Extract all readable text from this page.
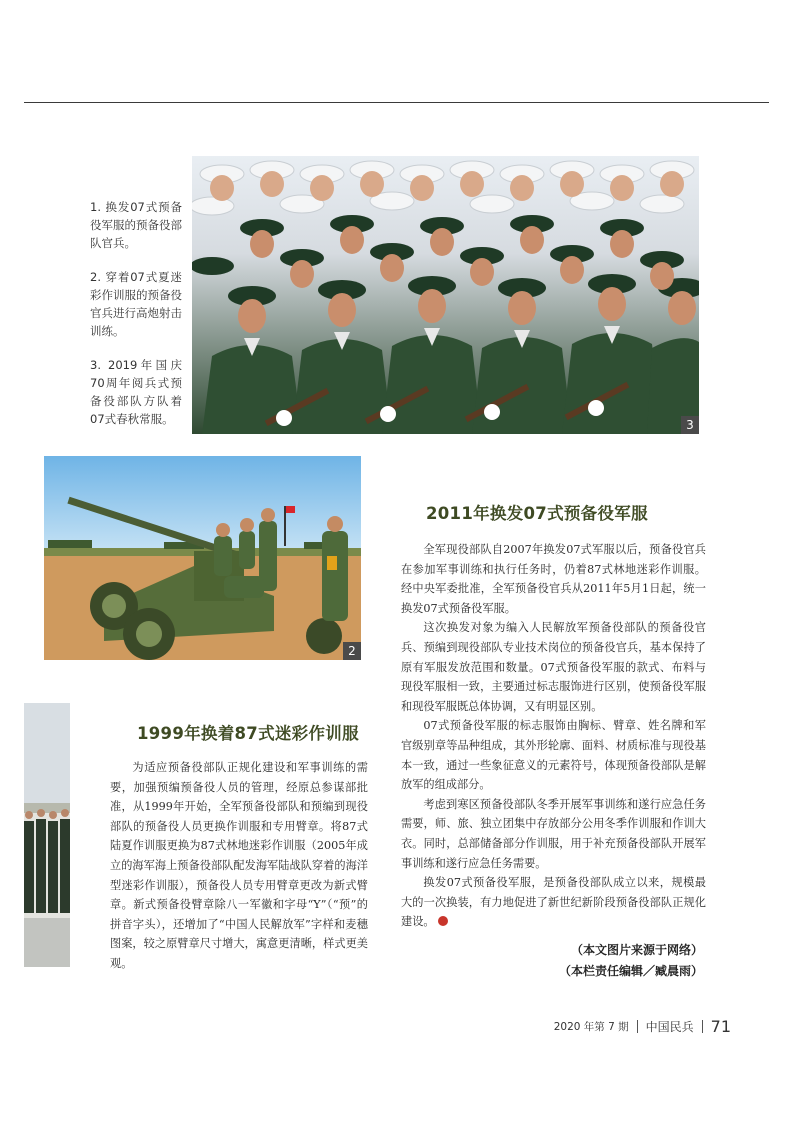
3

1. 换发07式预备役军服的预备役部队官兵。

2. 穿着07式夏迷彩作训服的预备役官兵进行高炮射击训练。

3. 2019年国庆70周年阅兵式预备役部队方队着07式春秋常服。

2
2011年换发07式预备役军服

全军现役部队自2007年换发07式军服以后，预备役官兵在参加军事训练和执行任务时，仍着87式林地迷彩作训服。经中央军委批准，全军预备役官兵从2011年5月1日起，统一换发07式预备役军服。

这次换发对象为编入人民解放军预备役部队的预备役官兵、预编到现役部队专业技术岗位的预备役官兵，基本保持了原有军服发放范围和数量。07式预备役军服的款式、布料与现役军服相一致，主要通过标志服饰进行区别，使预备役军服和现役军服既总体协调，又有明显区别。

07式预备役军服的标志服饰由胸标、臂章、姓名牌和军官级别章等品种组成，其外形轮廓、面料、材质标准与现役基本一致，通过一些象征意义的元素符号，体现预备役部队是解放军的组成部分。

考虑到寒区预备役部队冬季开展军事训练和遂行应急任务需要，师、旅、独立团集中存放部分公用冬季作训服和作训大衣。同时，总部储备部分作训服，用于补充预备役部队开展军事训练和遂行应急任务需要。

换发07式预备役军服，是预备役部队成立以来，规模最大的一次换装，有力地促进了新世纪新阶段预备役部队正规化建设。

1999年换着87式迷彩作训服

为适应预备役部队正规化建设和军事训练的需要，加强预编预备役人员的管理，经原总参谋部批准，从1999年开始，全军预备役部队和预编到现役部队的预备役人员更换作训服和专用臂章。将87式陆夏作训服更换为87式林地迷彩作训服（2005年成立的海军海上预备役部队配发海军陆战队穿着的海洋型迷彩作训服），预备役人员专用臂章更改为新式臂章。新式预备役臂章除八一军徽和字母“Y”（“预”的拼音字头），还增加了“中国人民解放军”字样和麦穗图案，较之原臂章尺寸增大，寓意更清晰，样式更美观。

（本文图片来源于网络）
（本栏责任编辑／臧晨雨）
2020 年第 7 期 中国民兵 71
